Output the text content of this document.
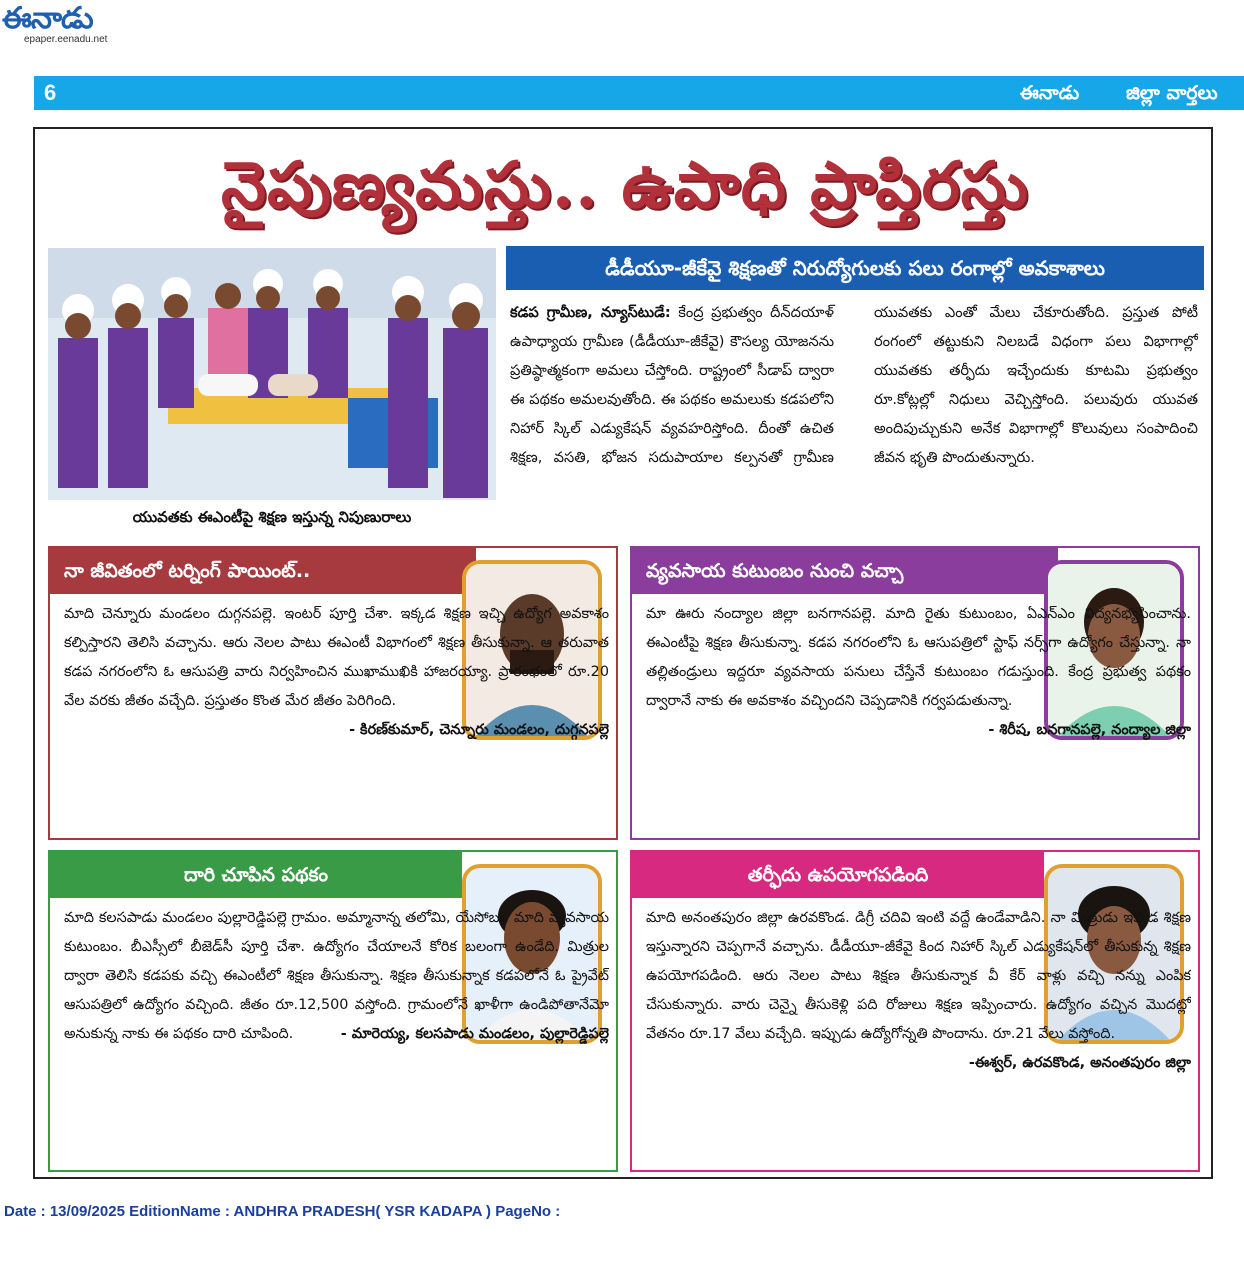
ఈనాడు
epaper.eenadu.net
6	ఈనాడు జిల్లా వార్తలు
నైపుణ్యమస్తు.. ఉపాధి ప్రాప్తిరస్తు
యువతకు ఈఎంటీపై శిక్షణ ఇస్తున్న నిపుణురాలు
డీడీయూ-జీకేవై శిక్షణతో నిరుద్యోగులకు పలు రంగాల్లో అవకాశాలు
కడప గ్రామీణ, న్యూస్‌టుడే: కేంద్ర ప్రభుత్వం దీన్‌దయాళ్ ఉపాధ్యాయ గ్రామీణ (డీడీయూ-జీకేవై) కౌసల్య యోజనను ప్రతిష్ఠాత్మకంగా అమలు చేస్తోంది. రాష్ట్రంలో సీడాప్ ద్వారా ఈ పథకం అమలవుతోంది. ఈ పథకం అమలుకు కడపలోని నిహార్ స్కిల్ ఎడ్యుకేషన్ వ్యవహరిస్తోంది. దీంతో ఉచిత శిక్షణ, వసతి, భోజన సదుపాయాల కల్పనతో గ్రామీణ యువతకు ఎంతో మేలు చేకూరుతోంది. ప్రస్తుత పోటీ రంగంలో తట్టుకుని నిలబడే విధంగా పలు విభాగాల్లో యువతకు తర్ఫీదు ఇచ్చేందుకు కూటమి ప్రభుత్వం రూ.కోట్లల్లో నిధులు వెచ్చిస్తోంది. పలువురు యువత అందిపుచ్చుకుని అనేక విభాగాల్లో కొలువులు సంపాదించి జీవన భృతి పొందుతున్నారు.
నా జీవితంలో టర్నింగ్ పాయింట్..
మాది చెన్నూరు మండలం దుగ్గనపల్లె. ఇంటర్ పూర్తి చేశా. ఇక్కడ శిక్షణ ఇచ్చి ఉద్యోగ అవకాశం కల్పిస్తారని తెలిసి వచ్చాను. ఆరు నెలల పాటు ఈఎంటీ విభాగంలో శిక్షణ తీసుకున్నా. ఆ తరువాత కడప నగరంలోని ఓ ఆసుపత్రి వారు నిర్వహించిన ముఖాముఖికి హాజరయ్యా. ప్రారంభంలో రూ.20 వేల వరకు జీతం వచ్చేది. ప్రస్తుతం కొంత మేర జీతం పెరిగింది.
- కిరణ్‌కుమార్, చెన్నూరు మండలం, దుగ్గనపల్లె
వ్యవసాయ కుటుంబం నుంచి వచ్చా
మా ఊరు నంద్యాల జిల్లా బనగానపల్లె. మాది రైతు కుటుంబం, ఏఎన్ఎం విద్యనభ్యసించాను. ఈఎంటీపై శిక్షణ తీసుకున్నా. కడప నగరంలోని ఓ ఆసుపత్రిలో స్టాఫ్ నర్స్‌గా ఉద్యోగం చేస్తున్నా. నా తల్లితండ్రులు ఇద్దరూ వ్యవసాయ పనులు చేస్తేనే కుటుంబం గడుస్తుంది. కేంద్ర ప్రభుత్వ పథకం ద్వారానే నాకు ఈ అవకాశం వచ్చిందని చెప్పడానికి గర్వపడుతున్నా.
- శిరీష, బనగానపల్లె, నంద్యాల జిల్లా
దారి చూపిన పథకం
మాది కలసపాడు మండలం పుల్లారెడ్డిపల్లె గ్రామం. అమ్మానాన్న తలోమి, యేసోబు. మాది వ్యవసాయ కుటుంబం. బీఎస్సీలో బీజెడ్‌సీ పూర్తి చేశా. ఉద్యోగం చేయాలనే కోరిక బలంగా ఉండేది. మిత్రుల ద్వారా తెలిసి కడపకు వచ్చి ఈఎంటీలో శిక్షణ తీసుకున్నా. శిక్షణ తీసుకున్నాక కడపలోనే ఓ ప్రైవేట్ ఆసుపత్రిలో ఉద్యోగం వచ్చింది. జీతం రూ.12,500 వస్తోంది. గ్రామంలోనే ఖాళీగా ఉండిపోతానేమో అనుకున్న నాకు ఈ పథకం దారి చూపింది.	- మారెయ్య, కలసపాడు మండలం, పుల్లారెడ్డిపల్లె
తర్ఫీదు ఉపయోగపడింది
మాది అనంతపురం జిల్లా ఉరవకొండ. డిగ్రీ చదివి ఇంటి వద్దే ఉండేవాడిని. నా మిత్రుడు ఇక్కడ శిక్షణ ఇస్తున్నారని చెప్పగానే వచ్చాను. డీడీయూ-జీకేవై కింద నిహార్ స్కిల్ ఎడ్యుకేషన్‌లో తీసుకున్న శిక్షణ ఉపయోగపడింది. ఆరు నెలల పాటు శిక్షణ తీసుకున్నాక వీ కేర్ వాళ్లు వచ్చి నన్ను ఎంపిక చేసుకున్నారు. వారు చెన్నై తీసుకెళ్లి పది రోజులు శిక్షణ ఇప్పించారు. ఉద్యోగం వచ్చిన మొదట్లో వేతనం రూ.17 వేలు వచ్చేది. ఇప్పుడు ఉద్యోగోన్నతి పొందాను. రూ.21 వేలు వస్తోంది.
-ఈశ్వర్, ఉరవకొండ, అనంతపురం జిల్లా
Date : 13/09/2025 EditionName : ANDHRA PRADESH( YSR KADAPA ) PageNo :
